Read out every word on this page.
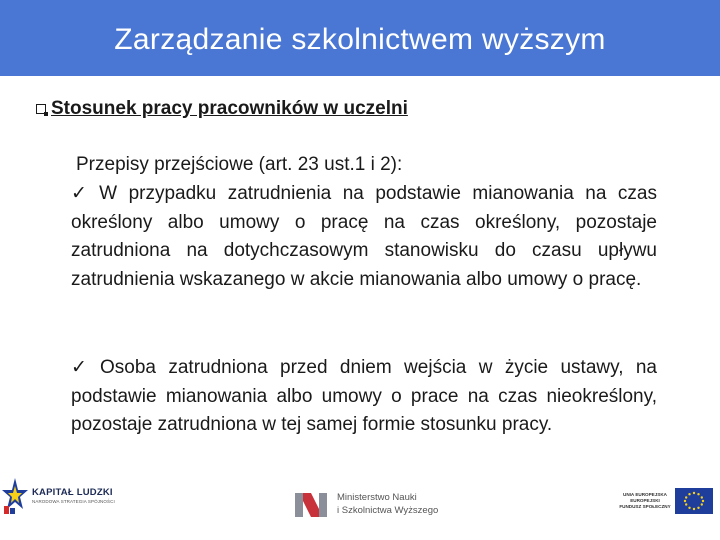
Zarządzanie szkolnictwem wyższym
Stosunek pracy pracowników w uczelni
Przepisy przejściowe (art. 23 ust.1 i 2):
✓ W przypadku zatrudnienia na podstawie mianowania na czas określony albo umowy o pracę na czas określony, pozostaje zatrudniona na dotychczasowym stanowisku do czasu upływu zatrudnienia wskazanego w akcie mianowania albo umowy o pracę.
✓ Osoba zatrudniona przed dniem wejścia w życie ustawy, na podstawie mianowania albo umowy o prace na czas nieokreślony, pozostaje zatrudniona w tej samej formie stosunku pracy.
KAPITAŁ LUDZKI
NARODOWA STRATEGIA SPÓJNOŚCI	Ministerstwo Nauki
i Szkolnictwa Wyższego
UNIA EUROPEJSKA
EUROPEJSKI
FUNDUSZ SPOŁECZNY
